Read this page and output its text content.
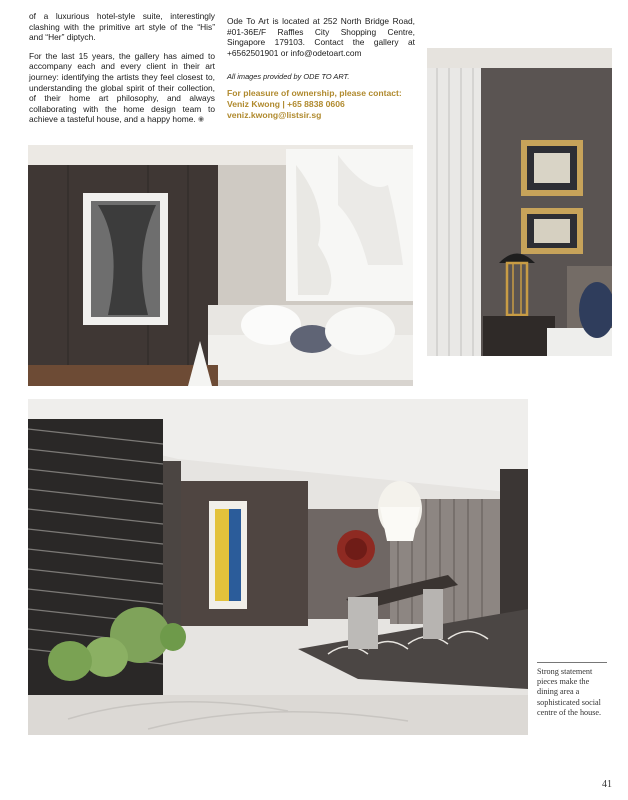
of a luxurious hotel-style suite, interestingly clashing with the primitive art style of the “His” and “Her” diptych.

For the last 15 years, the gallery has aimed to accompany each and every client in their art journey: identifying the artists they feel closest to, understanding the global spirit of their collection, of their home art philosophy, and always collaborating with the home design team to achieve a tasteful house, and a happy home. ◉

Ode To Art is located at 252 North Bridge Road, #01-36E/F Raffles City Shopping Centre, Singapore 179103. Contact the gallery at +6562501901 or info@odetoart.com

All images provided by ODE TO ART.

For pleasure of ownership, please contact:
Veniz Kwong | +65 8838 0606
veniz.kwong@listsir.sg
Strong statement pieces make the dining area a sophisticated social centre of the house.
41
